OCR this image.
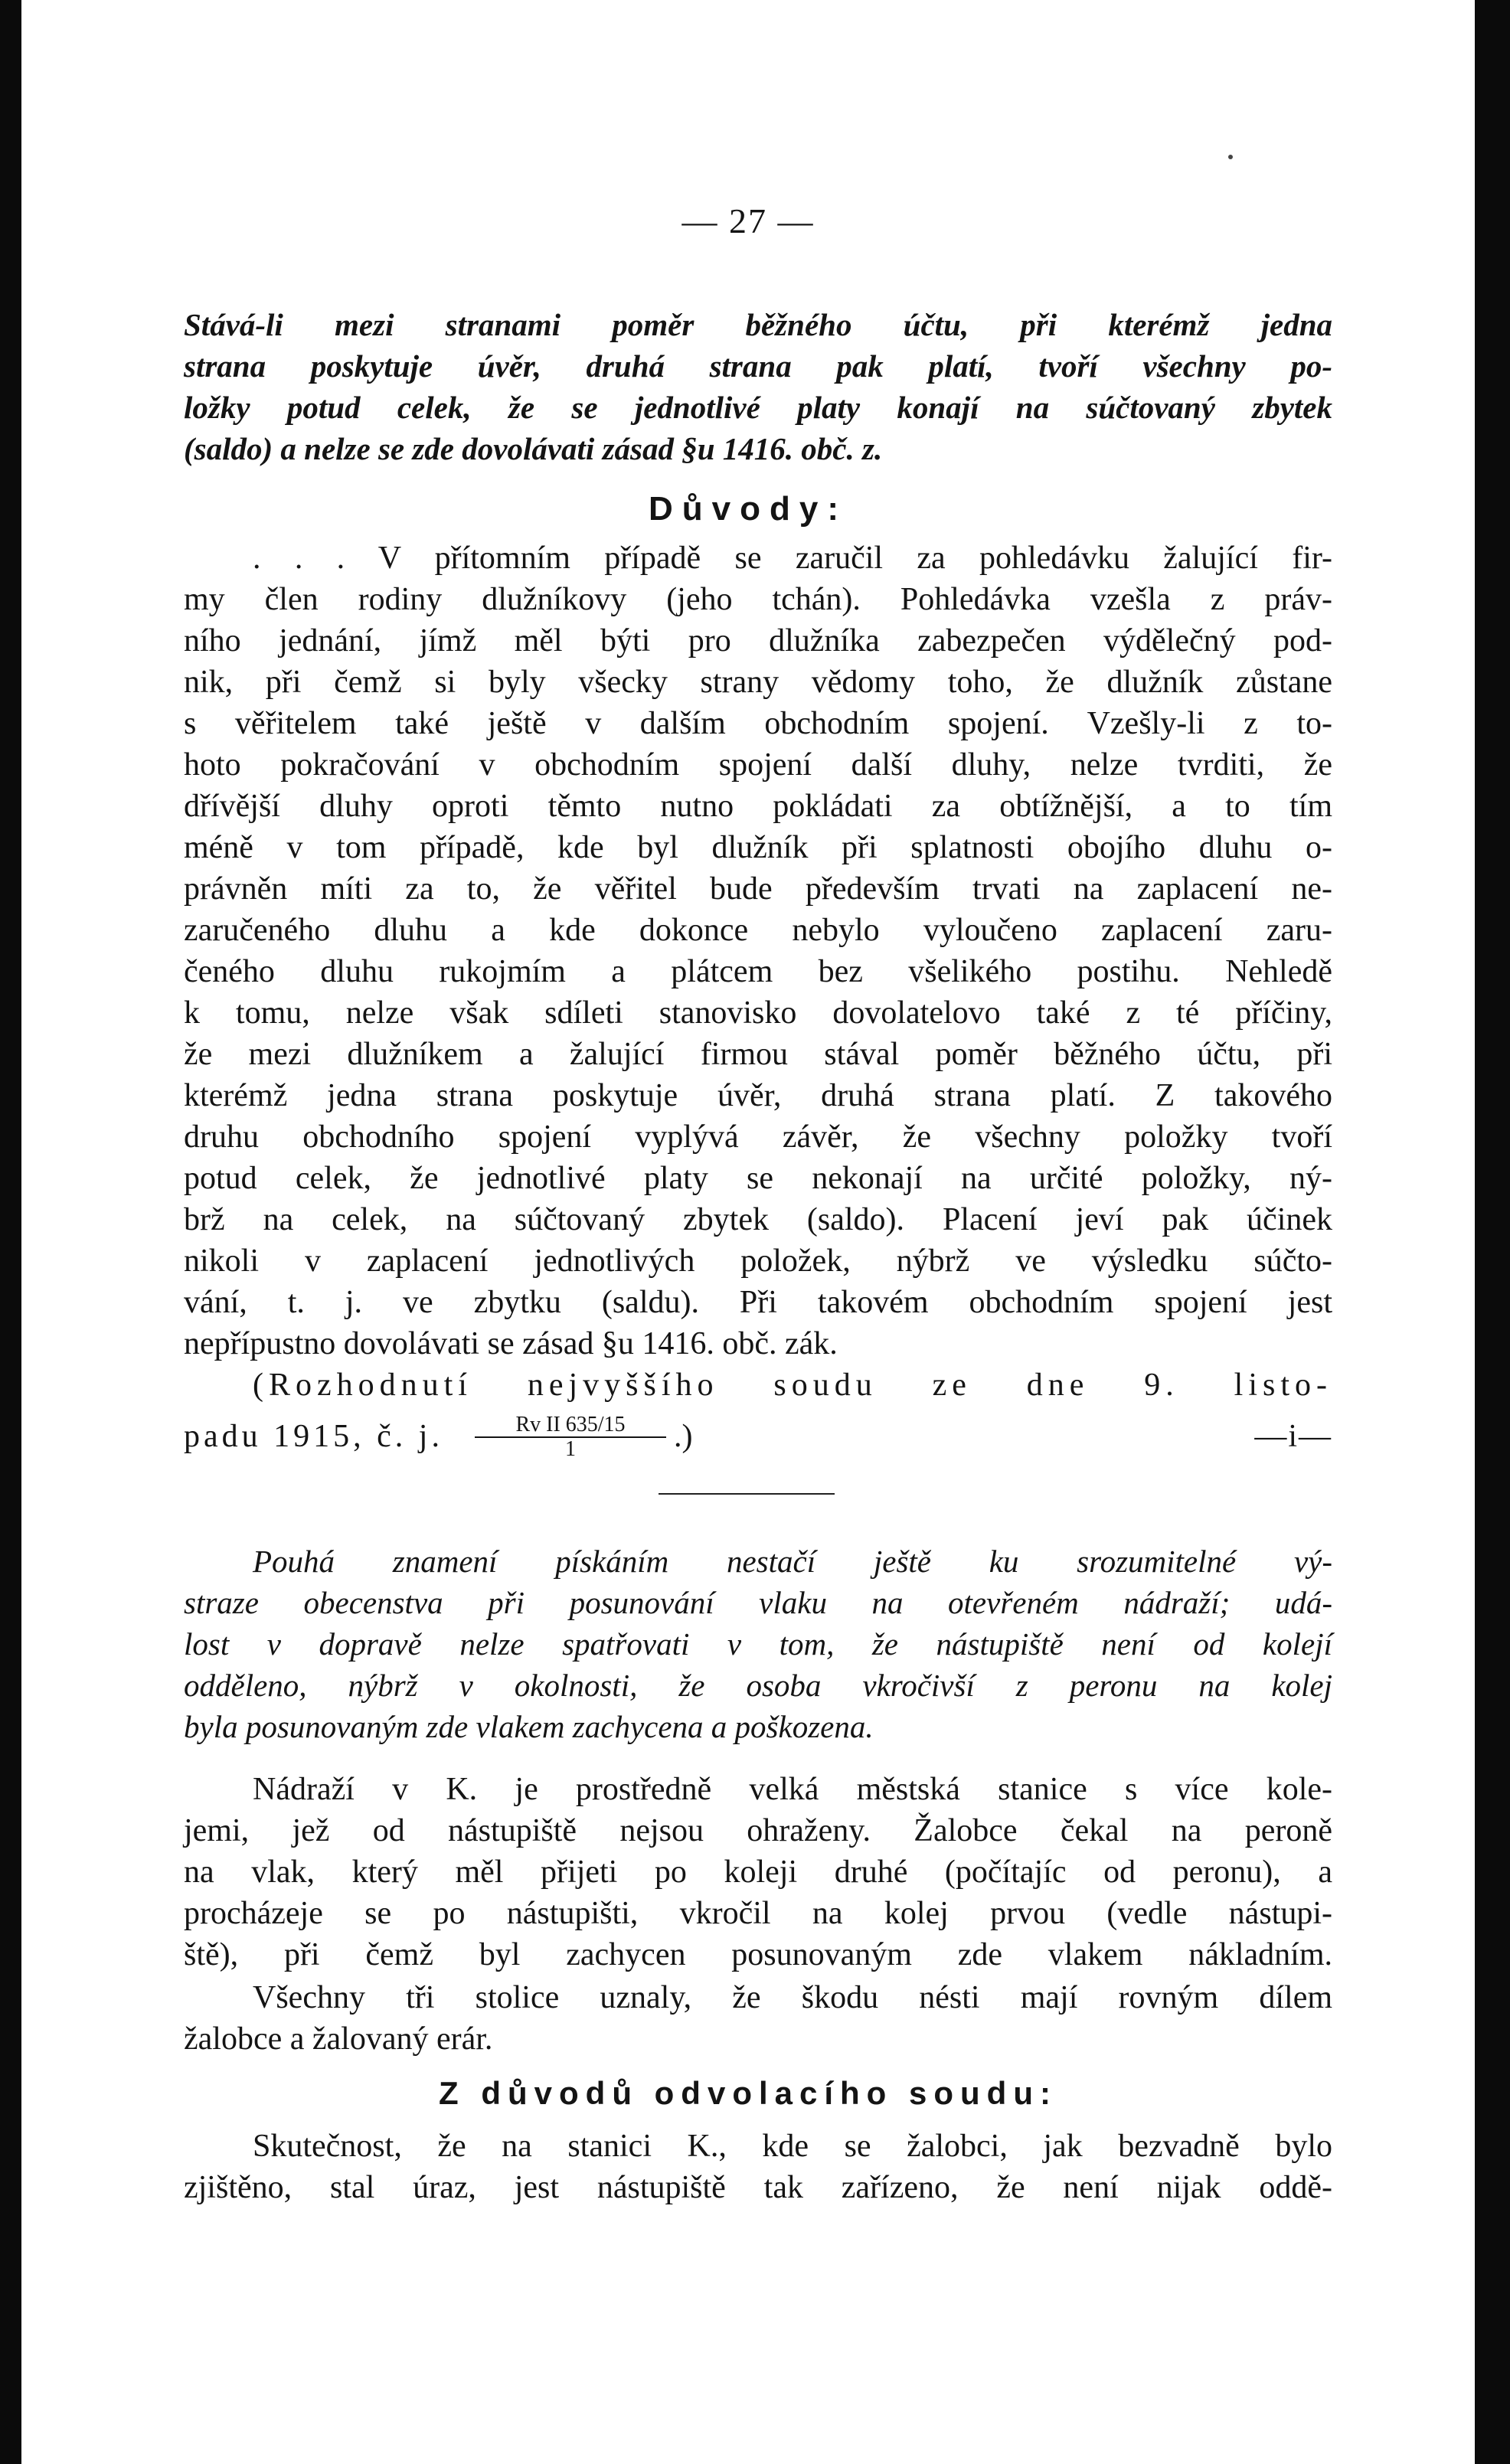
— 27 —
Stává-li mezi stranami poměr běžného účtu, při kterémž jedna
strana poskytuje úvěr, druhá strana pak platí, tvoří všechny po-
ložky potud celek, že se jednotlivé platy konají na súčtovaný zbytek
(saldo) a nelze se zde dovolávati zásad §u 1416. obč. z.
Důvody:
. . . V přítomním případě se zaručil za pohledávku žalující fir-
my člen rodiny dlužníkovy (jeho tchán). Pohledávka vzešla z práv-
ního jednání, jímž měl býti pro dlužníka zabezpečen výdělečný pod-
nik, při čemž si byly všecky strany vědomy toho, že dlužník zůstane
s věřitelem také ještě v dalším obchodním spojení. Vzešly-li z to-
hoto pokračování v obchodním spojení další dluhy, nelze tvrditi, že
dřívější dluhy oproti těmto nutno pokládati za obtížnější, a to tím
méně v tom případě, kde byl dlužník při splatnosti obojího dluhu o-
právněn míti za to, že věřitel bude především trvati na zaplacení ne-
zaručeného dluhu a kde dokonce nebylo vyloučeno zaplacení zaru-
čeného dluhu rukojmím a plátcem bez všelikého postihu. Nehledě
k tomu, nelze však sdíleti stanovisko dovolatelovo také z té příčiny,
že mezi dlužníkem a žalující firmou stával poměr běžného účtu, při
kterémž jedna strana poskytuje úvěr, druhá strana platí. Z takového
druhu obchodního spojení vyplývá závěr, že všechny položky tvoří
potud celek, že jednotlivé platy se nekonají na určité položky, ný-
brž na celek, na súčtovaný zbytek (saldo). Placení jeví pak účinek
nikoli v zaplacení jednotlivých položek, nýbrž ve výsledku súčto-
vání, t. j. ve zbytku (saldu). Při takovém obchodním spojení jest
nepřípustno dovolávati se zásad §u 1416. obč. zák.
(Rozhodnutí nejvyššího soudu ze dne 9. listo-
padu 1915, č. j. $\frac{\text{Rv II 635/15}}{1}$ .)	—i—
Pouhá znamení pískáním nestačí ještě ku srozumitelné vý-
straze obecenstva při posunování vlaku na otevřeném nádraží; udá-
lost v dopravě nelze spatřovati v tom, že nástupiště není od kolejí
odděleno, nýbrž v okolnosti, že osoba vkročivší z peronu na kolej
byla posunovaným zde vlakem zachycena a poškozena.
Nádraží v K. je prostředně velká městská stanice s více kole-
jemi, jež od nástupiště nejsou ohraženy. Žalobce čekal na peroně
na vlak, který měl přijeti po koleji druhé (počítajíc od peronu), a
procházeje se po nástupišti, vkročil na kolej prvou (vedle nástupi-
ště), při čemž byl zachycen posunovaným zde vlakem nákladním.
Všechny tři stolice uznaly, že škodu nésti mají rovným dílem
žalobce a žalovaný erár.
Z důvodů odvolacího soudu:
Skutečnost, že na stanici K., kde se žalobci, jak bezvadně bylo
zjištěno, stal úraz, jest nástupiště tak zařízeno, že není nijak oddě-
